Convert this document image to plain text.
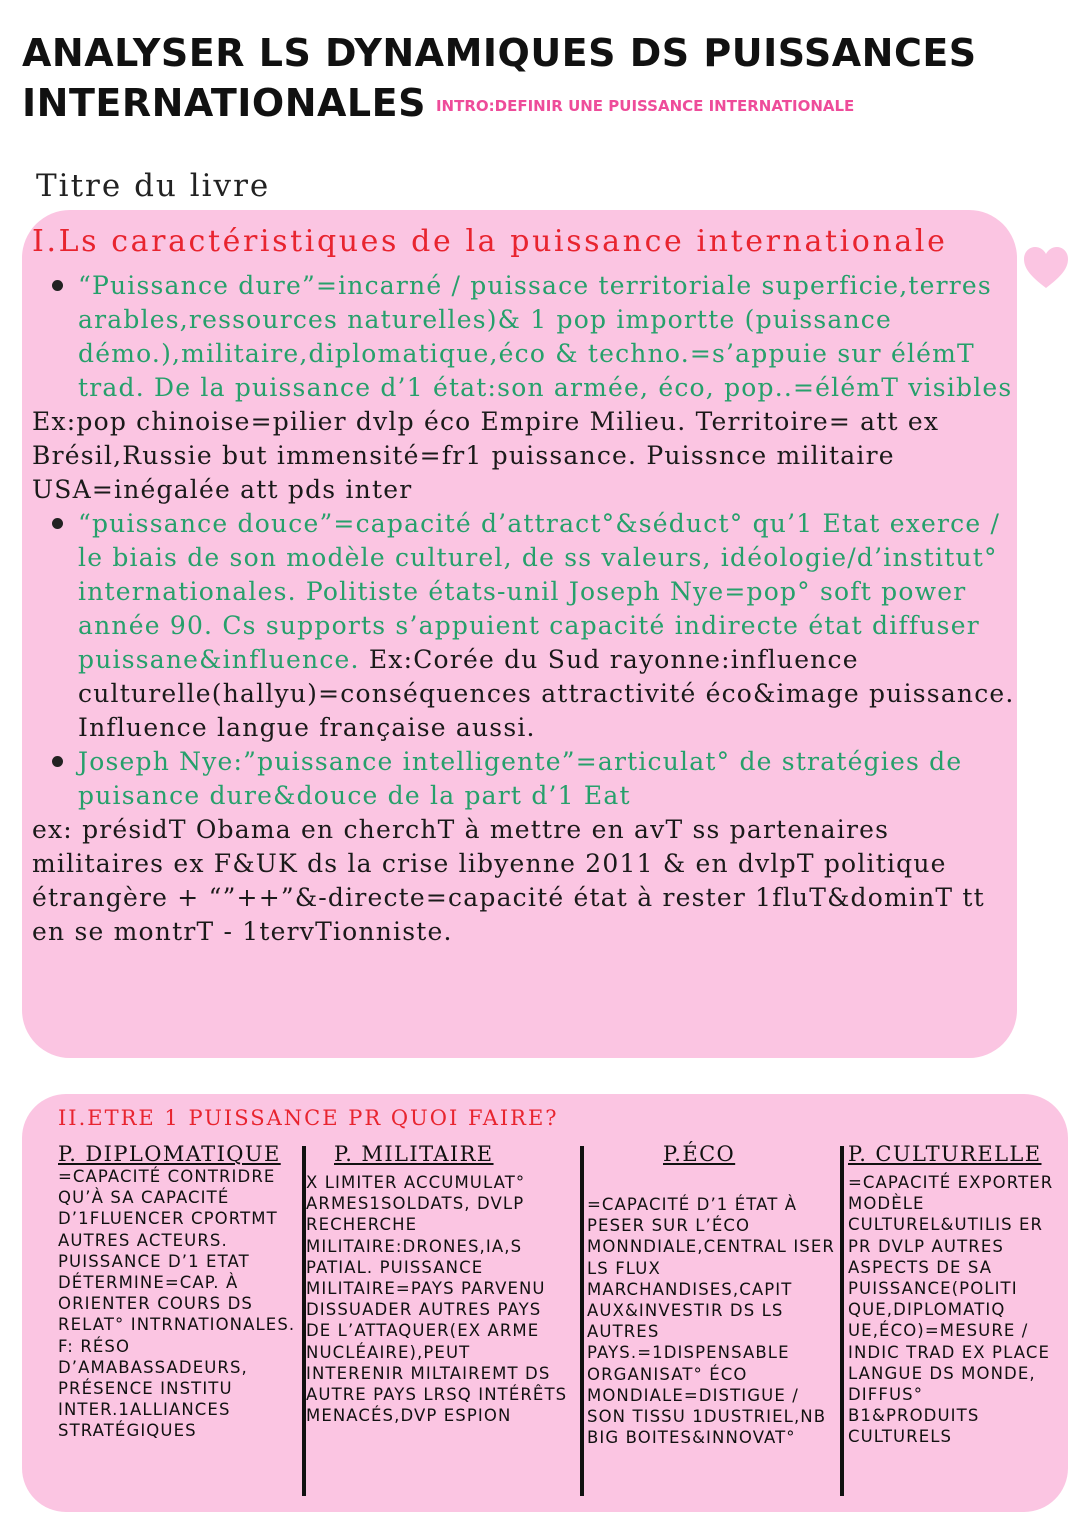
ANALYSER LS DYNAMIQUES DS PUISSANCES
INTERNATIONALES INTRO:DEFINIR UNE PUISSANCE INTERNATIONALE
Titre du livre
I.Ls caractéristiques de la puissance internationale
“Puissance dure”=incarné / puissace territoriale superficie,terres arables,ressources naturelles)& 1 pop importte (puissance démo.),militaire,diplomatique,éco & techno.=s’appuie sur élémT trad. De la puissance d’1 état:son armée, éco, pop..=élémT visibles
Ex:pop chinoise=pilier dvlp éco Empire Milieu. Territoire= att ex Brésil,Russie but immensité=fr1 puissance. Puissnce militaire USA=inégalée att pds inter
“puissance douce”=capacité d’attract°&séduct° qu’1 Etat exerce / le biais de son modèle culturel, de ss valeurs, idéologie/d’institut° internationales. Politiste états-unil Joseph Nye=pop° soft power année 90. Cs supports s’appuient capacité indirecte état diffuser puissane&influence. Ex:Corée du Sud rayonne:influence culturelle(hallyu)=conséquences attractivité éco&image puissance. Influence langue française aussi.
Joseph Nye:”puissance intelligente”=articulat° de stratégies de puisance dure&douce de la part d’1 Eat
ex: présidT Obama en cherchT à mettre en avT ss partenaires militaires ex F&UK ds la crise libyenne 2011 & en dvlpT politique étrangère + “”++”&-directe=capacité état à rester 1fluT&dominT tt en se montrT - 1tervTionniste.
II.ETRE 1 PUISSANCE PR QUOI FAIRE?
P. DIPLOMATIQUE
=CAPACITÉ CONTRIDRE QU’À SA CAPACITÉ D’1FLUENCER CPORTMT AUTRES ACTEURS. PUISSANCE D’1 ETAT DÉTERMINE=CAP. À ORIENTER COURS DS RELAT° INTRNATIONALES. F: RÉSO D’AMABASSADEURS, PRÉSENCE INSTITU INTER.1ALLIANCES STRATÉGIQUES
P. MILITAIRE
X LIMITER ACCUMULAT° ARMES1SOLDATS, DVLP RECHERCHE MILITAIRE:DRONES,IA,S PATIAL. PUISSANCE MILITAIRE=PAYS PARVENU DISSUADER AUTRES PAYS DE L’ATTAQUER(EX ARME NUCLÉAIRE),PEUT INTERENIR MILTAIREMT DS AUTRE PAYS LRSQ INTÉRÊTS MENACÉS,DVP ESPION
P.ÉCO
=CAPACITÉ D’1 ÉTAT À PESER SUR L’ÉCO MONNDIALE,CENTRAL ISER LS FLUX MARCHANDISES,CAPIT AUX&INVESTIR DS LS AUTRES PAYS.=1DISPENSABLE ORGANISAT° ÉCO MONDIALE=DISTIGUE / SON TISSU 1DUSTRIEL,NB BIG BOITES&INNOVAT°
P. CULTURELLE
=CAPACITÉ EXPORTER MODÈLE CULTUREL&UTILIS ER PR DVLP AUTRES ASPECTS DE SA PUISSANCE(POLITI QUE,DIPLOMATIQ UE,ÉCO)=MESURE / INDIC TRAD EX PLACE LANGUE DS MONDE, DIFFUS° B1&PRODUITS CULTURELS
